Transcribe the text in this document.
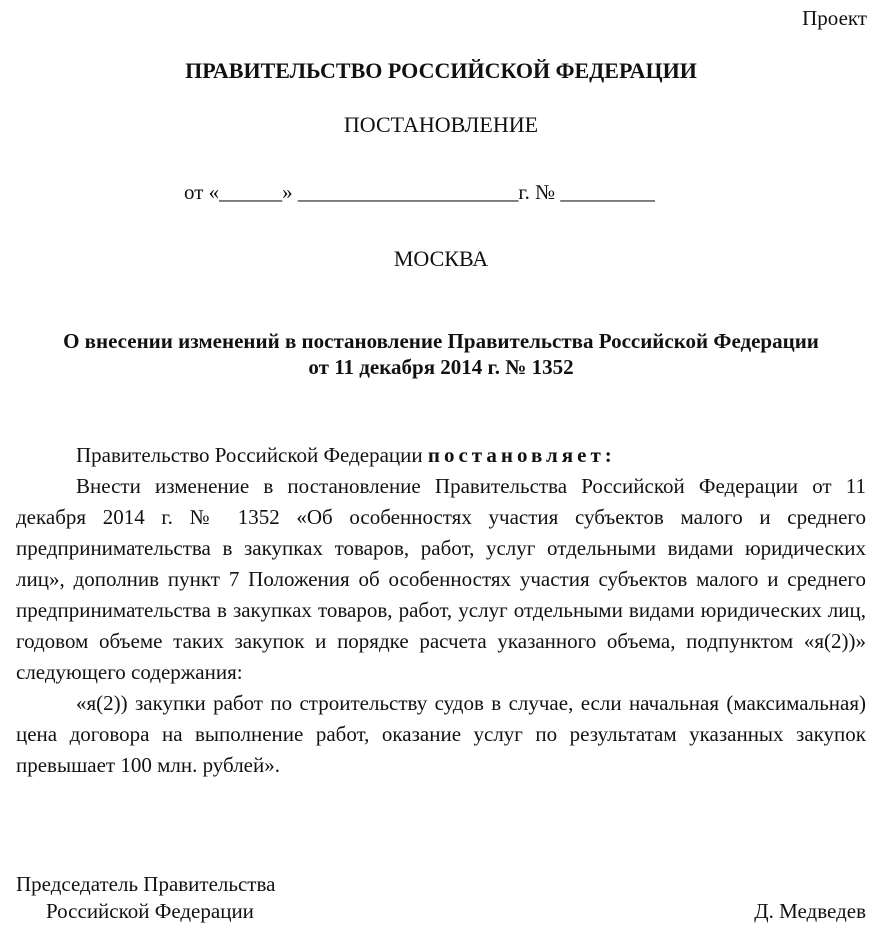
Проект
ПРАВИТЕЛЬСТВО РОССИЙСКОЙ ФЕДЕРАЦИИ
ПОСТАНОВЛЕНИЕ
от «______» _____________________г. № _________
МОСКВА
О внесении изменений в постановление Правительства Российской Федерации
от 11 декабря 2014 г. № 1352

Правительство Российской Федерации постановляет:

Внести изменение в постановление Правительства Российской Федерации от 11 декабря 2014 г. № 1352 «Об особенностях участия субъектов малого и среднего предпринимательства в закупках товаров, работ, услуг отдельными видами юридических лиц», дополнив пункт 7 Положения об особенностях участия субъектов малого и среднего предпринимательства в закупках товаров, работ, услуг отдельными видами юридических лиц, годовом объеме таких закупок и порядке расчета указанного объема, подпунктом «я(2))» следующего содержания:

«я(2)) закупки работ по строительству судов в случае, если начальная (максимальная) цена договора на выполнение работ, оказание услуг по результатам указанных закупок превышает 100 млн. рублей».

Председатель Правительства
Российской Федерации	Д. Медведев
